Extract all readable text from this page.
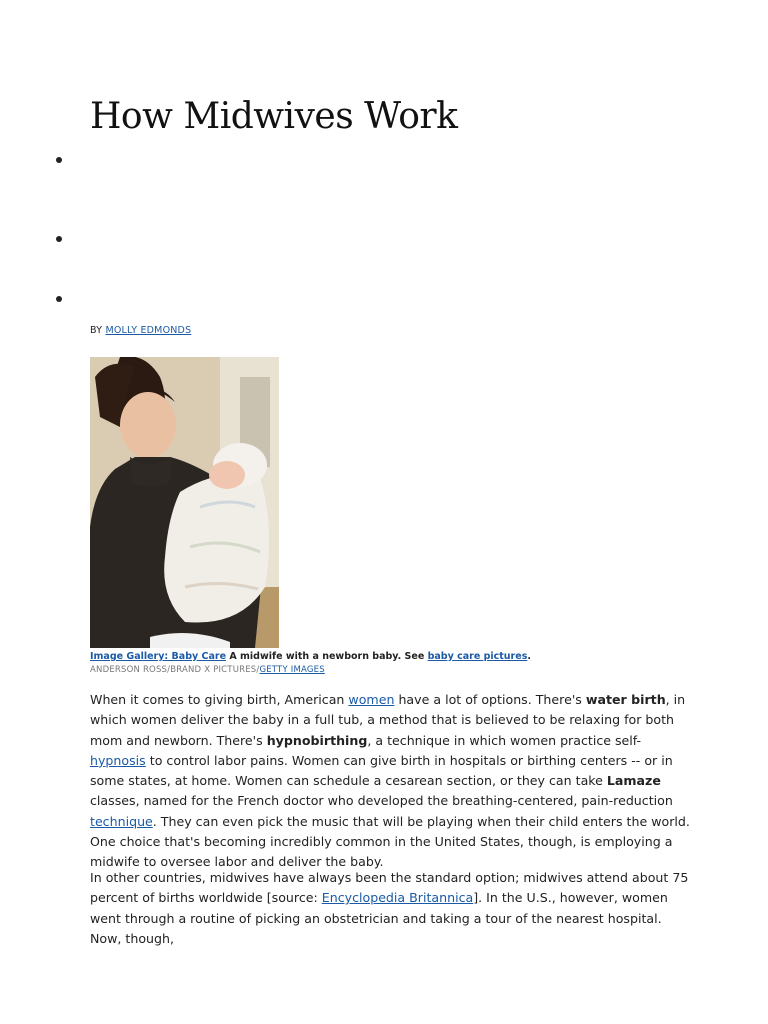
How Midwives Work
BY MOLLY EDMONDS
Image Gallery: Baby Care A midwife with a newborn baby. See baby care pictures.
ANDERSON ROSS/BRAND X PICTURES/GETTY IMAGES

When it comes to giving birth, American women have a lot of options. There's water birth, in which women deliver the baby in a full tub, a method that is believed to be relaxing for both mom and newborn. There's hypnobirthing, a technique in which women practice self-hypnosis to control labor pains. Women can give birth in hospitals or birthing centers -- or in some states, at home. Women can schedule a cesarean section, or they can take Lamaze classes, named for the French doctor who developed the breathing-centered, pain-reduction technique. They can even pick the music that will be playing when their child enters the world. One choice that's becoming incredibly common in the United States, though, is employing a midwife to oversee labor and deliver the baby.

In other countries, midwives have always been the standard option; midwives attend about 75 percent of births worldwide [source: Encyclopedia Britannica]. In the U.S., however, women went through a routine of picking an obstetrician and taking a tour of the nearest hospital. Now, though,
